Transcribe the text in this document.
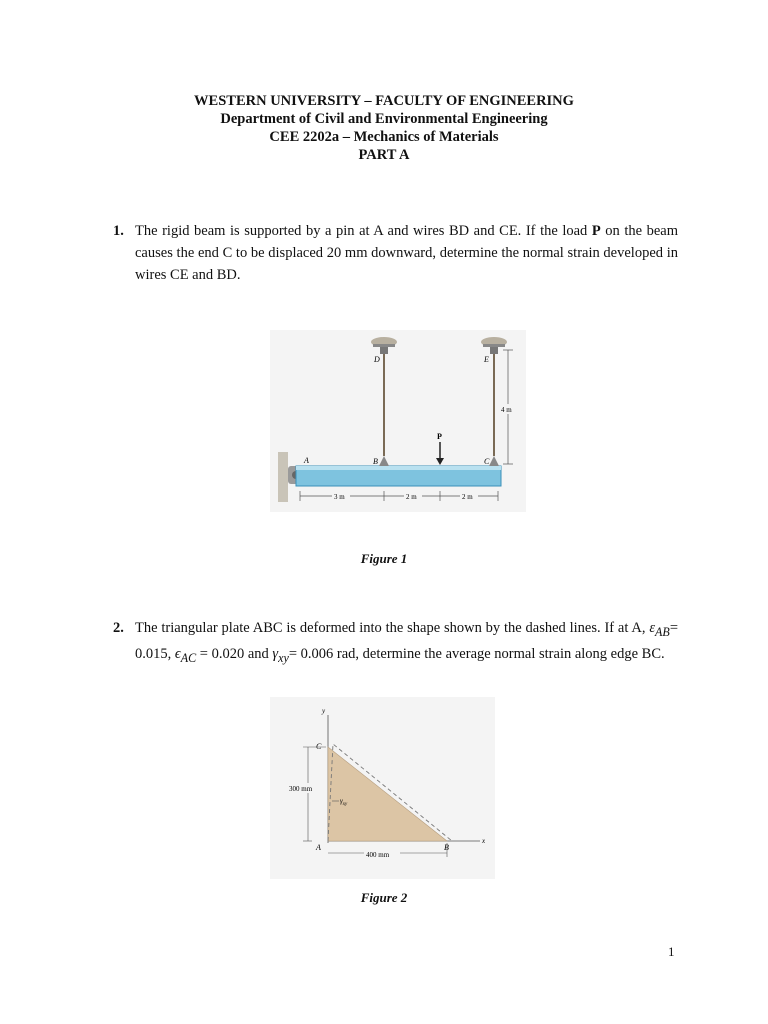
WESTERN UNIVERSITY – FACULTY OF ENGINEERING
Department of Civil and Environmental Engineering
CEE 2202a – Mechanics of Materials
PART A
1. The rigid beam is supported by a pin at A and wires BD and CE. If the load P on the beam causes the end C to be displaced 20 mm downward, determine the normal strain developed in wires CE and BD.
P
D	E
A	B	C
4 m
3 m	2 m	2 m
Figure 1
2. The triangular plate ABC is deformed into the shape shown by the dashed lines. If at A, $\varepsilon_{AB}= 0.015$, $\epsilon_{AC} = 0.020$ and $\gamma_{xy}= 0.006$ rad, determine the average normal strain along edge BC.
y
x
C
A	B
$\gamma_{xy}$
300 mm
400 mm
Figure 2
1
